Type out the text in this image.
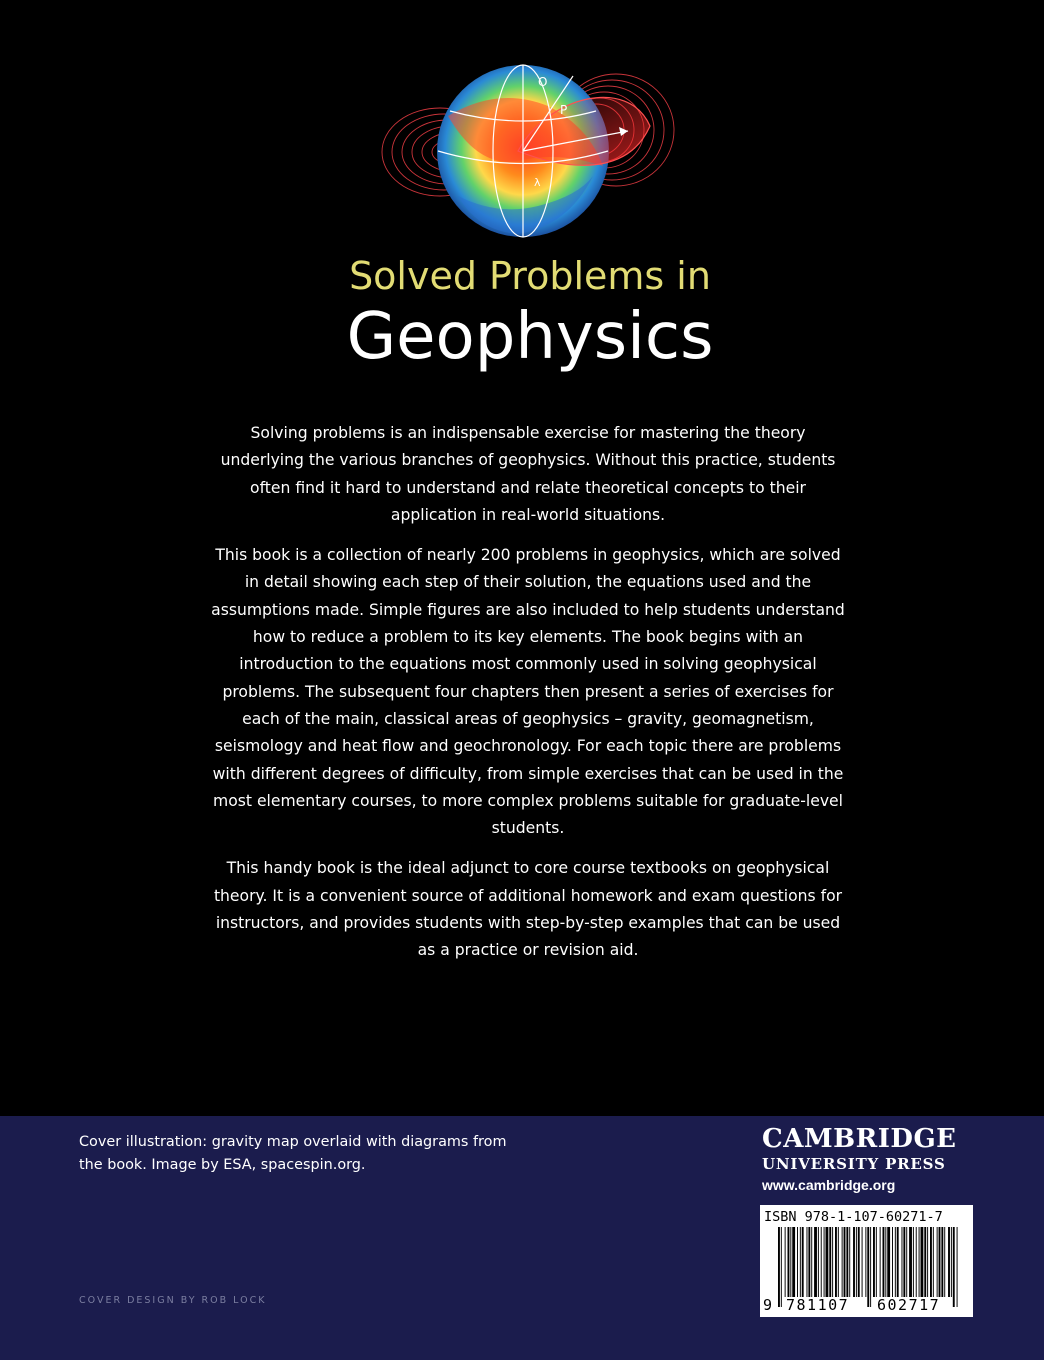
O
P
λ
Solved Problems in
Geophysics

Solving problems is an indispensable exercise for mastering the theory underlying the various branches of geophysics. Without this practice, students often find it hard to understand and relate theoretical concepts to their application in real-world situations.

This book is a collection of nearly 200 problems in geophysics, which are solved in detail showing each step of their solution, the equations used and the assumptions made. Simple figures are also included to help students understand how to reduce a problem to its key elements. The book begins with an introduction to the equations most commonly used in solving geophysical problems. The subsequent four chapters then present a series of exercises for each of the main, classical areas of geophysics – gravity, geomagnetism, seismology and heat flow and geochronology. For each topic there are problems with different degrees of difficulty, from simple exercises that can be used in the most elementary courses, to more complex problems suitable for graduate-level students.

This handy book is the ideal adjunct to core course textbooks on geophysical theory. It is a convenient source of additional homework and exam questions for instructors, and provides students with step-by-step examples that can be used as a practice or revision aid.

Cover illustration: gravity map overlaid with diagrams from the book. Image by ESA, spacespin.org.
COVER DESIGN BY ROB LOCK
CAMBRIDGE
UNIVERSITY PRESS
www.cambridge.org
ISBN 978-1-107-60271-7
9 781107 602717
